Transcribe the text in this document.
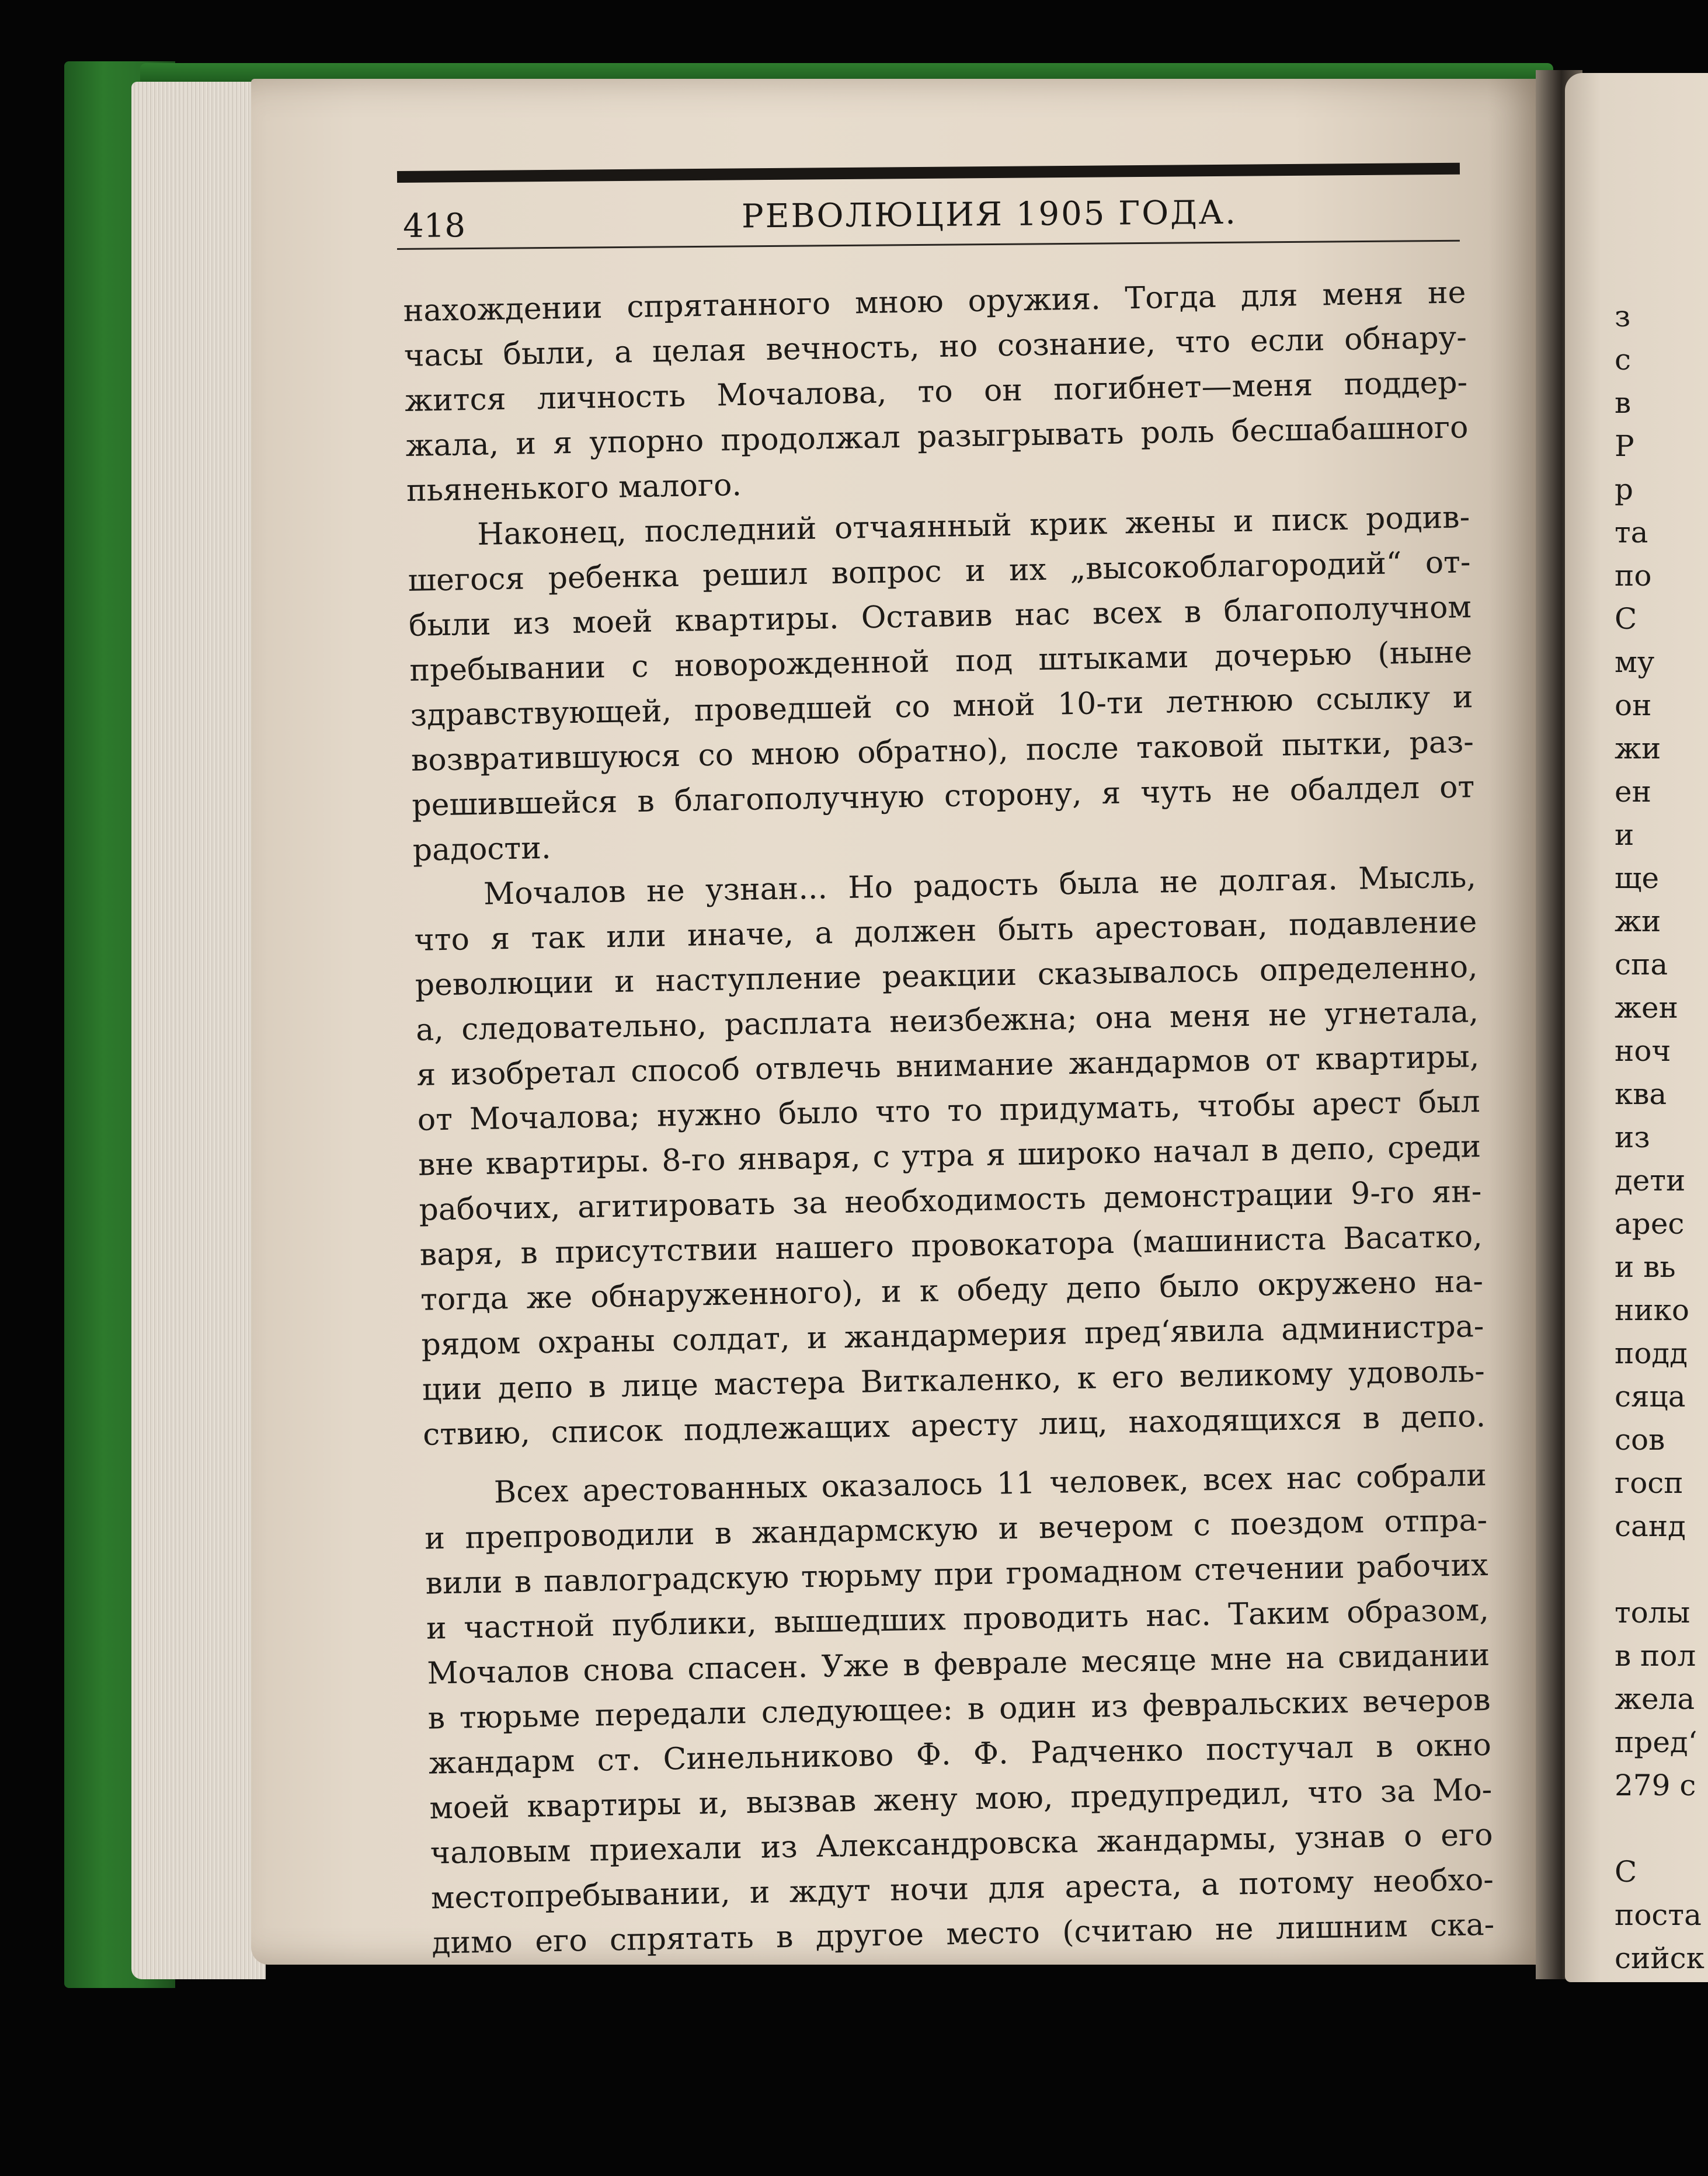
418	РЕВОЛЮЦИЯ 1905 ГОДА.

нахождении спрятанного мною оружия. Тогда для меня не

часы были, а целая вечность, но сознание, что если обнару-

жится личность Мочалова, то он погибнет—меня поддер-

жала, и я упорно продолжал разыгрывать роль бесшабашного

пьяненького малого.

Наконец, последний отчаянный крик жены и писк родив-

шегося ребенка решил вопрос и их „высокоблагородий“ от-

были из моей квартиры. Оставив нас всех в благополучном

пребывании с новорожденной под штыками дочерью (ныне

здравствующей, проведшей со мной 10-ти летнюю ссылку и

возвратившуюся со мною обратно), после таковой пытки, раз-

решившейся в благополучную сторону, я чуть не обалдел от

радости.

Мочалов не узнан... Но радость была не долгая. Мысль,

что я так или иначе, а должен быть арестован, подавление

революции и наступление реакции сказывалось определенно,

а, следовательно, расплата неизбежна; она меня не угнетала,

я изобретал способ отвлечь внимание жандармов от квартиры,

от Мочалова; нужно было что то придумать, чтобы арест был

вне квартиры. 8-го января, с утра я широко начал в депо, среди

рабочих, агитировать за необходимость демонстрации 9-го ян-

варя, в присутствии нашего провокатора (машиниста Васатко,

тогда же обнаруженного), и к обеду депо было окружено на-

рядом охраны солдат, и жандармерия пред‘явила администра-

ции депо в лице мастера Виткаленко, к его великому удоволь-

ствию, список подлежащих аресту лиц, находящихся в депо.

Всех арестованных оказалось 11 человек, всех нас собрали

и препроводили в жандармскую и вечером с поездом отпра-

вили в павлоградскую тюрьму при громадном стечении рабочих

и частной публики, вышедших проводить нас. Таким образом,

Мочалов снова спасен. Уже в феврале месяце мне на свидании

в тюрьме передали следующее: в один из февральских вечеров

жандарм ст. Синельниково Ф. Ф. Радченко постучал в окно

моей квартиры и, вызвав жену мою, предупредил, что за Мо-

чаловым приехали из Александровска жандармы, узнав о его

местопребывании, и ждут ночи для ареста, а потому необхо-

димо его спрятать в другое место (считаю не лишним ска-

з
с
в
Р
р
та
по
С
му
он
жи
ен
и
ще
жи
спа
жен
ноч
ква
из
дети
арес
и вь
нико
подд
сяца
сов
госп
санд
толы
в пол
жела
пред‘
279 с
С
поста
сийск
